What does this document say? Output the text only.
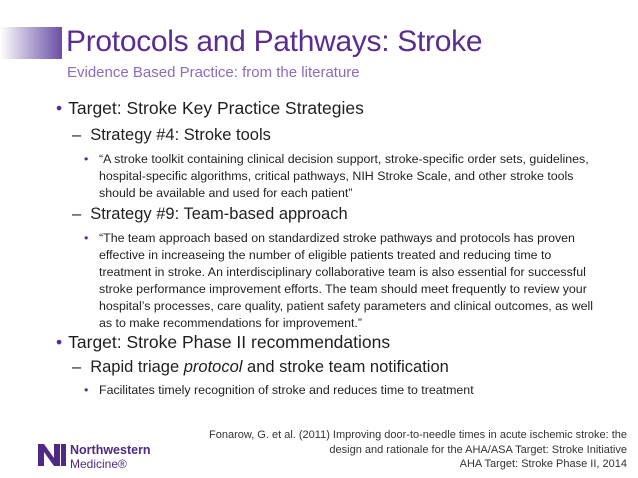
Protocols and Pathways: Stroke

Evidence Based Practice: from the literature

• Target: Stroke Key Practice Strategies
– Strategy #4: Stroke tools
• “A stroke toolkit containing clinical decision support, stroke-specific order sets, guidelines, hospital-specific algorithms, critical pathways, NIH Stroke Scale, and other stroke tools should be available and used for each patient”
– Strategy #9: Team-based approach
• “The team approach based on standardized stroke pathways and protocols has proven effective in increaseing the number of eligible patients treated and reducing time to treatment in stroke. An interdisciplinary collaborative team is also essential for successful stroke performance improvement efforts. The team should meet frequently to review your hospital’s processes, care quality, patient safety parameters and clinical outcomes, as well as to make recommendations for improvement.”
• Target: Stroke Phase II recommendations
– Rapid triage protocol and stroke team notification
• Facilitates timely recognition of stroke and reduces time to treatment
Northwestern
Medicine®
Fonarow, G. et al. (2011) Improving door-to-needle times in acute ischemic stroke: the
design and rationale for the AHA/ASA Target: Stroke Initiative
AHA Target: Stroke Phase II, 2014
